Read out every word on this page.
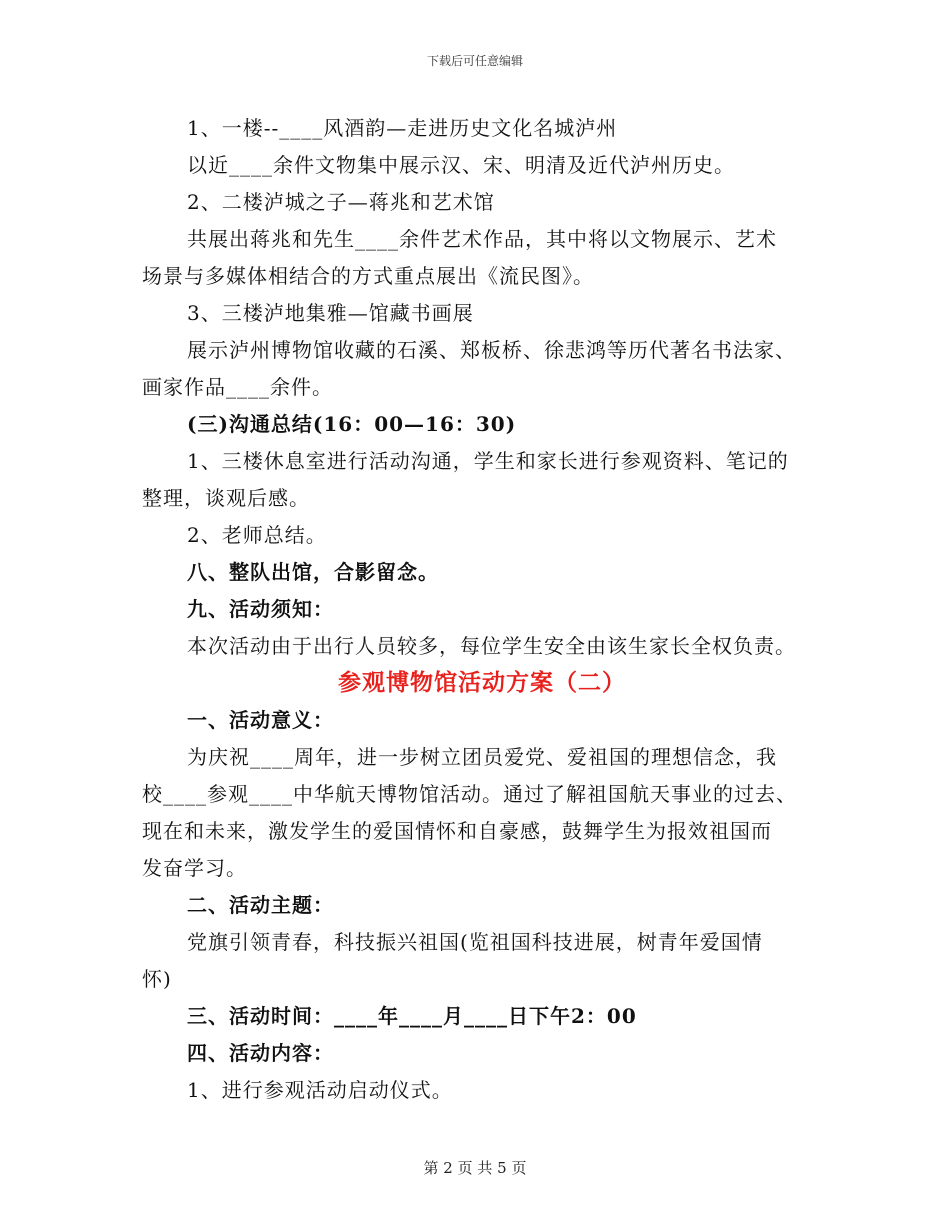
下载后可任意编辑
1、一楼--____风酒韵—走进历史文化名城泸州
以近____余件文物集中展示汉、宋、明清及近代泸州历史。
2、二楼泸城之子—蒋兆和艺术馆
共展出蒋兆和先生____余件艺术作品，其中将以文物展示、艺术
场景与多媒体相结合的方式重点展出《流民图》。
3、三楼泸地集雅—馆藏书画展
展示泸州博物馆收藏的石溪、郑板桥、徐悲鸿等历代著名书法家、
画家作品____余件。
(三)沟通总结(16：00—16：30)
1、三楼休息室进行活动沟通，学生和家长进行参观资料、笔记的
整理，谈观后感。
2、老师总结。
八、整队出馆，合影留念。
九、活动须知：
本次活动由于出行人员较多，每位学生安全由该生家长全权负责。
参观博物馆活动方案（二）
一、活动意义：
为庆祝____周年，进一步树立团员爱党、爱祖国的理想信念，我
校____参观____中华航天博物馆活动。通过了解祖国航天事业的过去、
现在和未来，激发学生的爱国情怀和自豪感，鼓舞学生为报效祖国而
发奋学习。
二、活动主题：
党旗引领青春，科技振兴祖国(览祖国科技进展，树青年爱国情
怀)
三、活动时间：____年____月____日下午2：00
四、活动内容：
1、进行参观活动启动仪式。
第 2 页 共 5 页
